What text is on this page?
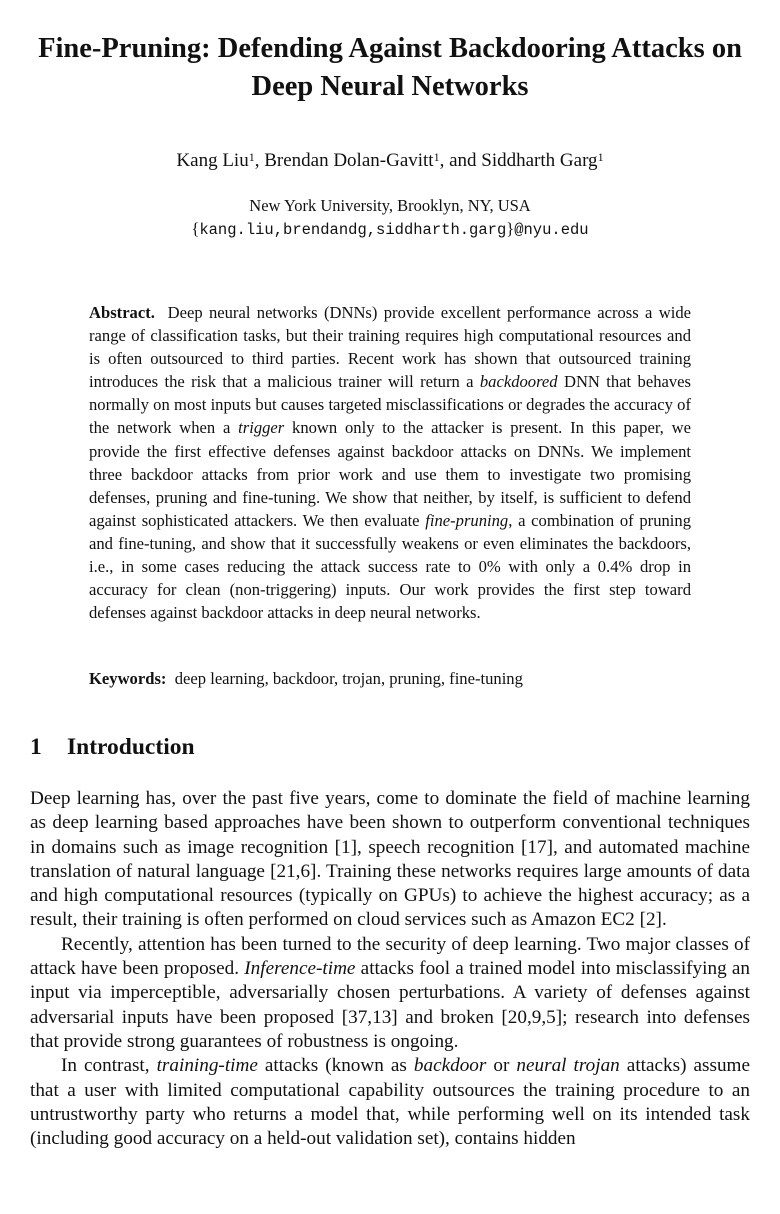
Fine-Pruning: Defending Against Backdooring Attacks on Deep Neural Networks

Kang Liu$^1$, Brendan Dolan-Gavitt$^1$, and Siddharth Garg$^1$

New York University, Brooklyn, NY, USA

{kang.liu,brendandg,siddharth.garg}@nyu.edu

Abstract. Deep neural networks (DNNs) provide excellent performance across a wide range of classification tasks, but their training requires high computational resources and is often outsourced to third parties. Recent work has shown that outsourced training introduces the risk that a malicious trainer will return a backdoored DNN that behaves normally on most inputs but causes targeted misclassifications or degrades the accuracy of the network when a trigger known only to the attacker is present. In this paper, we provide the first effective defenses against backdoor attacks on DNNs. We implement three backdoor attacks from prior work and use them to investigate two promising defenses, pruning and fine-tuning. We show that neither, by itself, is sufficient to defend against sophisticated attackers. We then evaluate fine-pruning, a combination of pruning and fine-tuning, and show that it successfully weakens or even eliminates the backdoors, i.e., in some cases reducing the attack success rate to 0% with only a 0.4% drop in accuracy for clean (non-triggering) inputs. Our work provides the first step toward defenses against backdoor attacks in deep neural networks.

Keywords: deep learning, backdoor, trojan, pruning, fine-tuning

1 Introduction

Deep learning has, over the past five years, come to dominate the field of machine learning as deep learning based approaches have been shown to outperform conventional techniques in domains such as image recognition [1], speech recognition [17], and automated machine translation of natural language [21,6]. Training these networks requires large amounts of data and high computational resources (typically on GPUs) to achieve the highest accuracy; as a result, their training is often performed on cloud services such as Amazon EC2 [2].

Recently, attention has been turned to the security of deep learning. Two major classes of attack have been proposed. Inference-time attacks fool a trained model into misclassifying an input via imperceptible, adversarially chosen perturbations. A variety of defenses against adversarial inputs have been proposed [37,13] and broken [20,9,5]; research into defenses that provide strong guarantees of robustness is ongoing.

In contrast, training-time attacks (known as backdoor or neural trojan attacks) assume that a user with limited computational capability outsources the training procedure to an untrustworthy party who returns a model that, while performing well on its intended task (including good accuracy on a held-out validation set), contains hidden
